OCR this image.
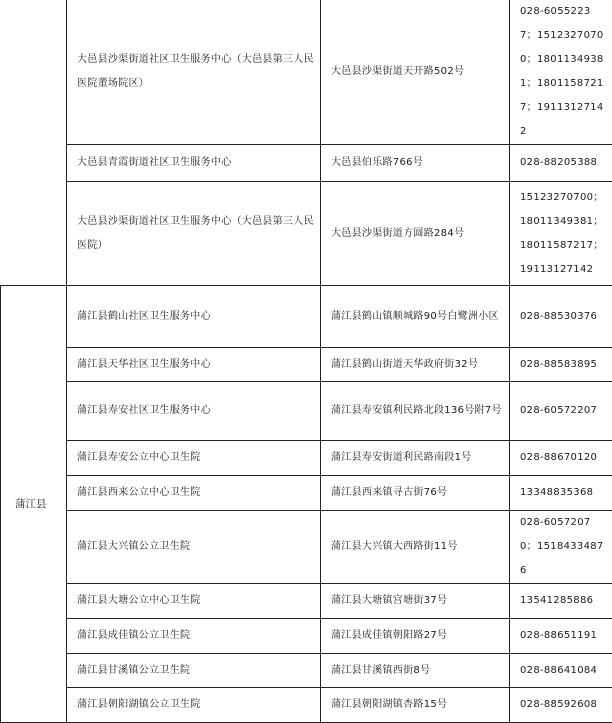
	大邑县沙渠街道社区卫生服务中心（大邑县第三人民医院董场院区）	大邑县沙渠街道天开路502号	028-60552237；15123270700；18011349381；18011587217；19113127142
	大邑县青霞街道社区卫生服务中心	大邑县伯乐路766号	028-88205388
	大邑县沙渠街道社区卫生服务中心（大邑县第三人民医院）	大邑县沙渠街道方圆路284号	15123270700；18011349381；18011587217；19113127142
蒲江县	蒲江县鹤山社区卫生服务中心	蒲江县鹤山镇顺城路90号白鹭洲小区	028-88530376
	蒲江县天华社区卫生服务中心	蒲江县鹤山街道天华政府街32号	028-88583895
	蒲江县寿安社区卫生服务中心	蒲江县寿安镇利民路北段136号附7号	028-60572207
	蒲江县寿安公立中心卫生院	蒲江县寿安街道利民路南段1号	028-88670120
	蒲江县西来公立中心卫生院	蒲江县西来镇寻古街76号	13348835368
	蒲江县大兴镇公立卫生院	蒲江县大兴镇大西路街11号	028-60572070；15184334876
	蒲江县大塘公立中心卫生院	蒲江县大塘镇宫塘街37号	13541285886
	蒲江县成佳镇公立卫生院	蒲江县成佳镇朝阳路27号	028-88651191
	蒲江县甘溪镇公立卫生院	蒲江县甘溪镇西街8号	028-88641084
	蒲江县朝阳湖镇公立卫生院	蒲江县朝阳湖镇杏路15号	028-88592608
